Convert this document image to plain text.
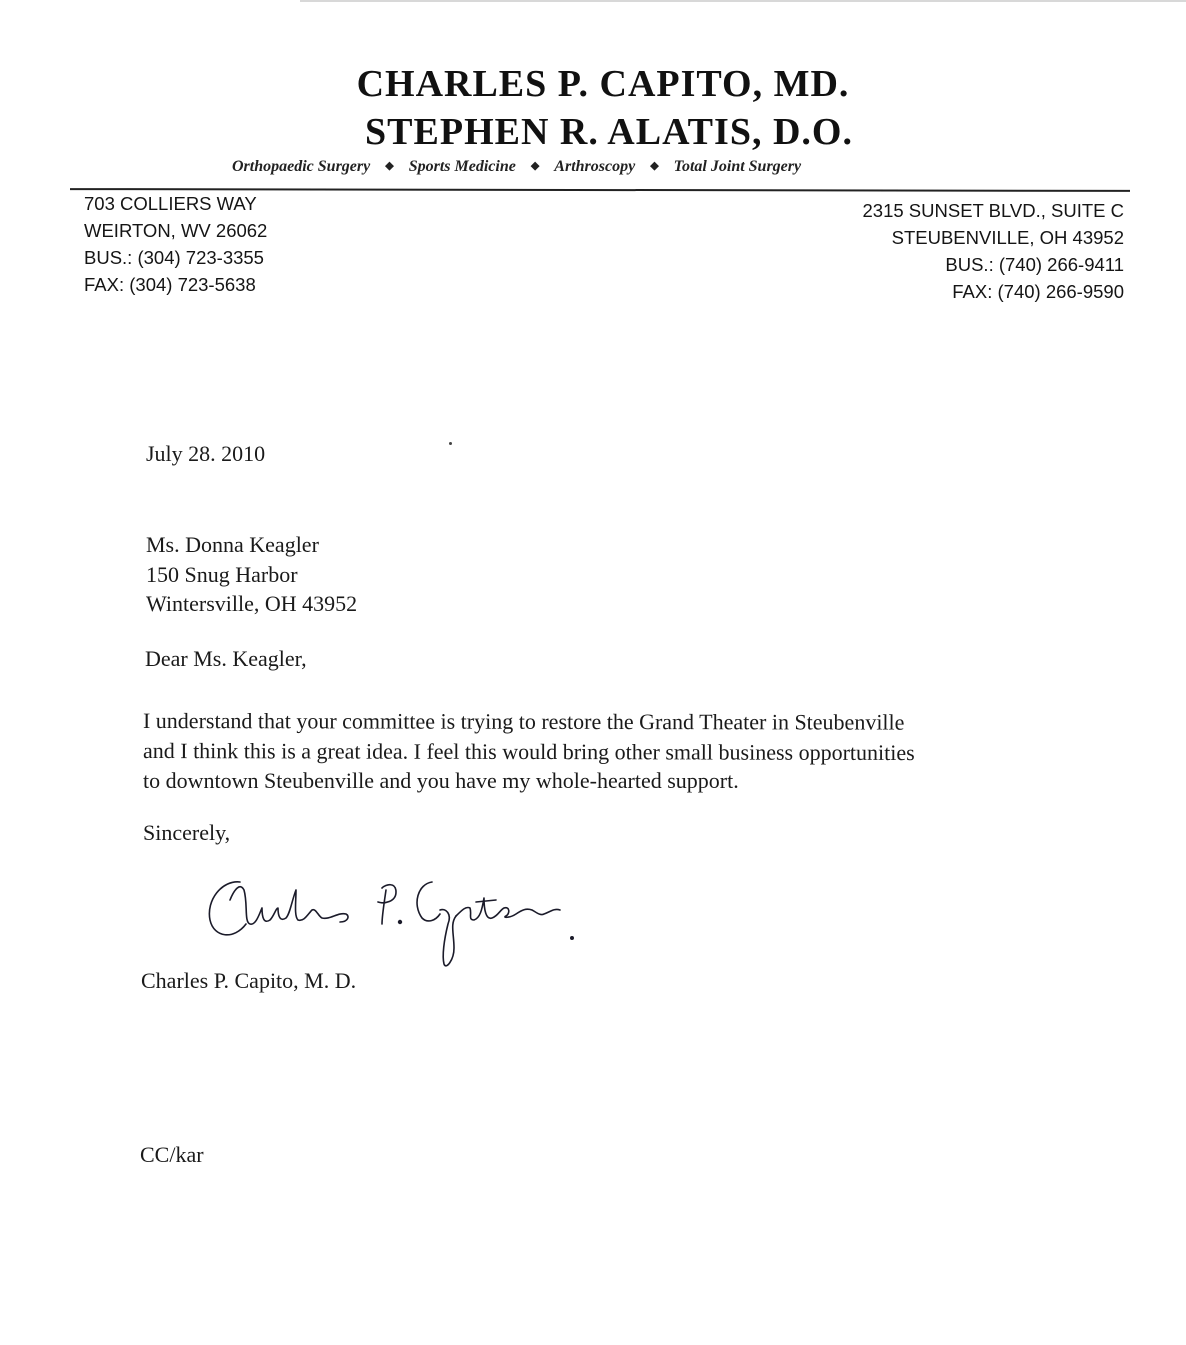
CHARLES P. CAPITO, MD.
STEPHEN R. ALATIS, D.O.
Orthopaedic Surgery ◆ Sports Medicine ◆ Arthroscopy ◆ Total Joint Surgery
703 COLLIERS WAY
WEIRTON, WV 26062
BUS.: (304) 723-3355
FAX: (304) 723-5638
2315 SUNSET BLVD., SUITE C
STEUBENVILLE, OH 43952
BUS.: (740) 266-9411
FAX: (740) 266-9590
July 28. 2010
Ms. Donna Keagler
150 Snug Harbor
Wintersville, OH 43952
Dear Ms. Keagler,
I understand that your committee is trying to restore the Grand Theater in Steubenville
and I think this is a great idea. I feel this would bring other small business opportunities
to downtown Steubenville and you have my whole-hearted support.
Sincerely,
Charles P. Capito, M. D.
CC/kar
